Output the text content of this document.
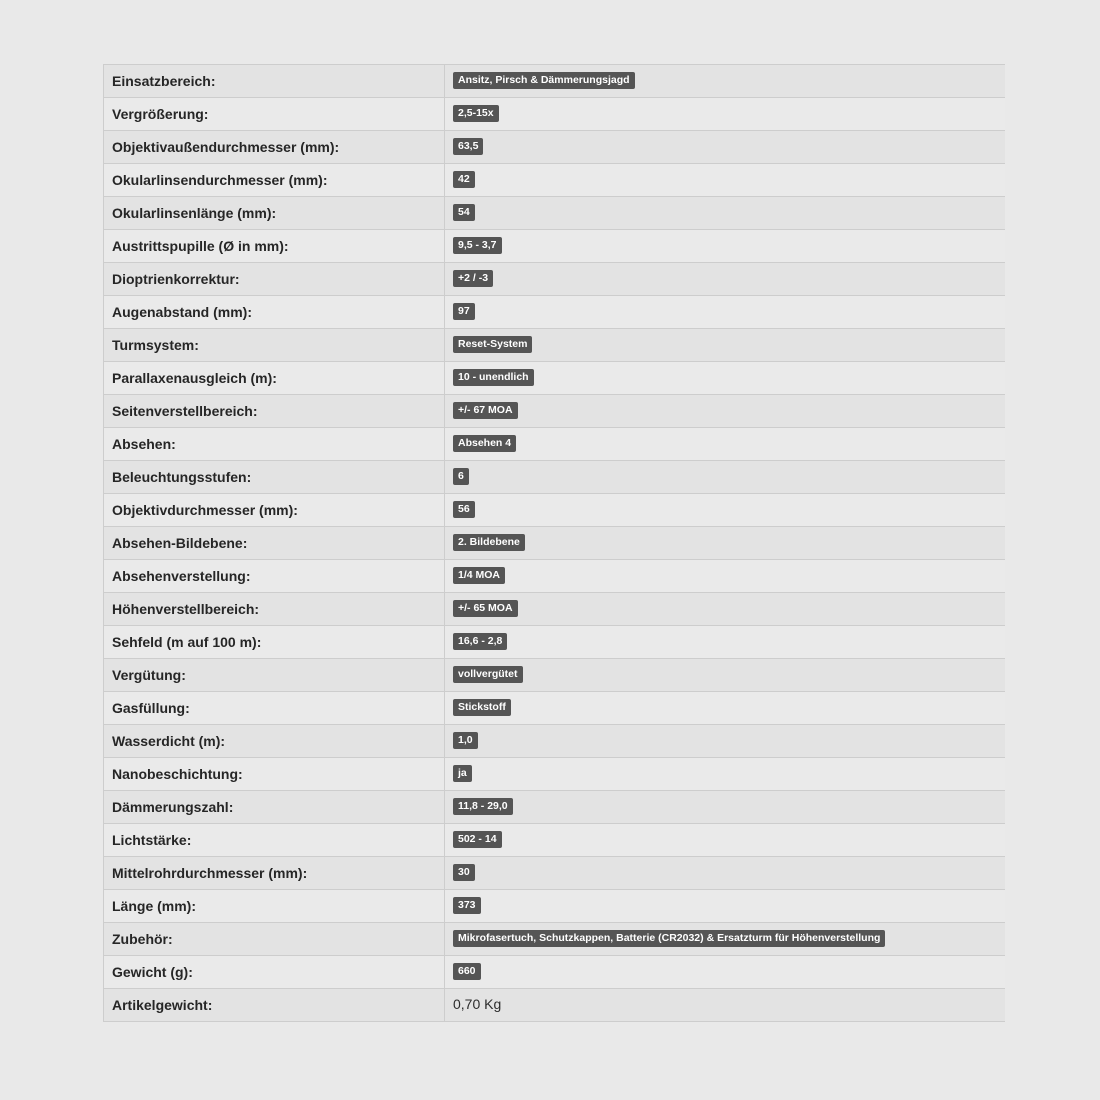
Einsatzbereich:	Ansitz, Pirsch & Dämmerungsjagd
Vergrößerung:	2,5-15x
Objektivaußendurchmesser (mm):	63,5
Okularlinsendurchmesser (mm):	42
Okularlinsenlänge (mm):	54
Austrittspupille (Ø in mm):	9,5 - 3,7
Dioptrienkorrektur:	+2 / -3
Augenabstand (mm):	97
Turmsystem:	Reset-System
Parallaxenausgleich (m):	10 - unendlich
Seitenverstellbereich:	+/- 67 MOA
Absehen:	Absehen 4
Beleuchtungsstufen:	6
Objektivdurchmesser (mm):	56
Absehen-Bildebene:	2. Bildebene
Absehenverstellung:	1/4 MOA
Höhenverstellbereich:	+/- 65 MOA
Sehfeld (m auf 100 m):	16,6 - 2,8
Vergütung:	vollvergütet
Gasfüllung:	Stickstoff
Wasserdicht (m):	1,0
Nanobeschichtung:	ja
Dämmerungszahl:	11,8 - 29,0
Lichtstärke:	502 - 14
Mittelrohrdurchmesser (mm):	30
Länge (mm):	373
Zubehör:	Mikrofasertuch, Schutzkappen, Batterie (CR2032) & Ersatzturm für Höhenverstellung
Gewicht (g):	660
Artikelgewicht:	0,70 Kg
